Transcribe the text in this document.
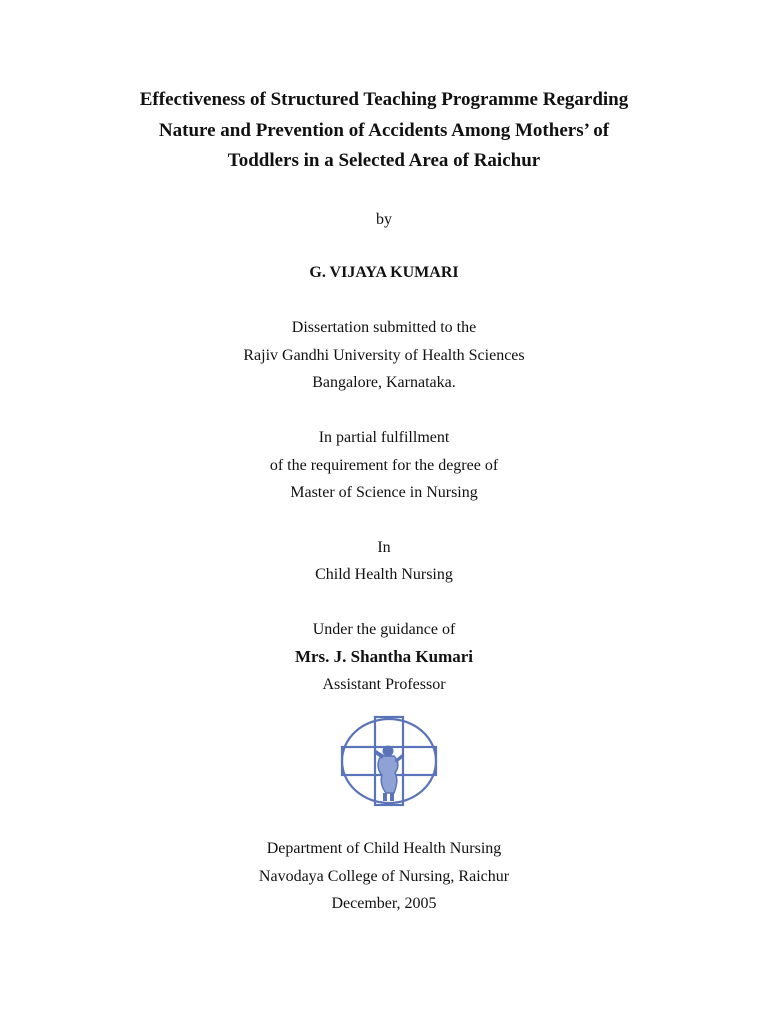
Effectiveness of Structured Teaching Programme Regarding
Nature and Prevention of Accidents Among Mothers’ of
Toddlers in a Selected Area of Raichur
by
G. VIJAYA KUMARI
Dissertation submitted to the
Rajiv Gandhi University of Health Sciences
Bangalore, Karnataka.
In partial fulfillment
of the requirement for the degree of
Master of Science in Nursing
In
Child Health Nursing
Under the guidance of
Mrs. J. Shantha Kumari
Assistant Professor
Department of Child Health Nursing
Navodaya College of Nursing, Raichur
December, 2005
